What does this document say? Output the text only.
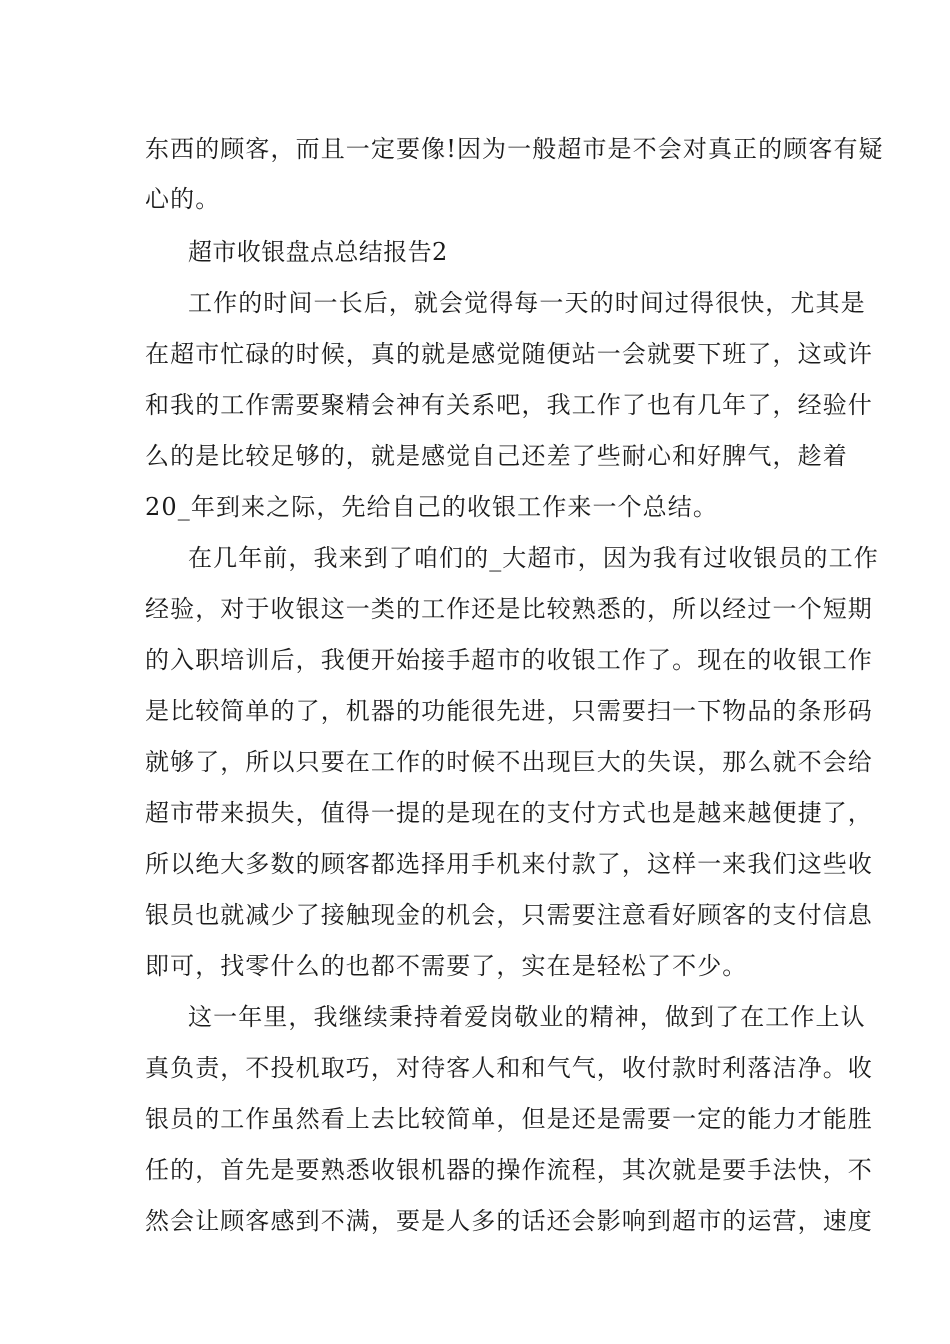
东西的顾客，而且一定要像!因为一般超市是不会对真正的顾客有疑
心的。
超市收银盘点总结报告2
工作的时间一长后，就会觉得每一天的时间过得很快，尤其是
在超市忙碌的时候，真的就是感觉随便站一会就要下班了，这或许
和我的工作需要聚精会神有关系吧，我工作了也有几年了，经验什
么的是比较足够的，就是感觉自己还差了些耐心和好脾气，趁着
20_年到来之际，先给自己的收银工作来一个总结。
在几年前，我来到了咱们的_大超市，因为我有过收银员的工作
经验，对于收银这一类的工作还是比较熟悉的，所以经过一个短期
的入职培训后，我便开始接手超市的收银工作了。现在的收银工作
是比较简单的了，机器的功能很先进，只需要扫一下物品的条形码
就够了，所以只要在工作的时候不出现巨大的失误，那么就不会给
超市带来损失，值得一提的是现在的支付方式也是越来越便捷了，
所以绝大多数的顾客都选择用手机来付款了，这样一来我们这些收
银员也就减少了接触现金的机会，只需要注意看好顾客的支付信息
即可，找零什么的也都不需要了，实在是轻松了不少。
这一年里，我继续秉持着爱岗敬业的精神，做到了在工作上认
真负责，不投机取巧，对待客人和和气气，收付款时利落洁净。收
银员的工作虽然看上去比较简单，但是还是需要一定的能力才能胜
任的，首先是要熟悉收银机器的操作流程，其次就是要手法快，不
然会让顾客感到不满，要是人多的话还会影响到超市的运营，速度
